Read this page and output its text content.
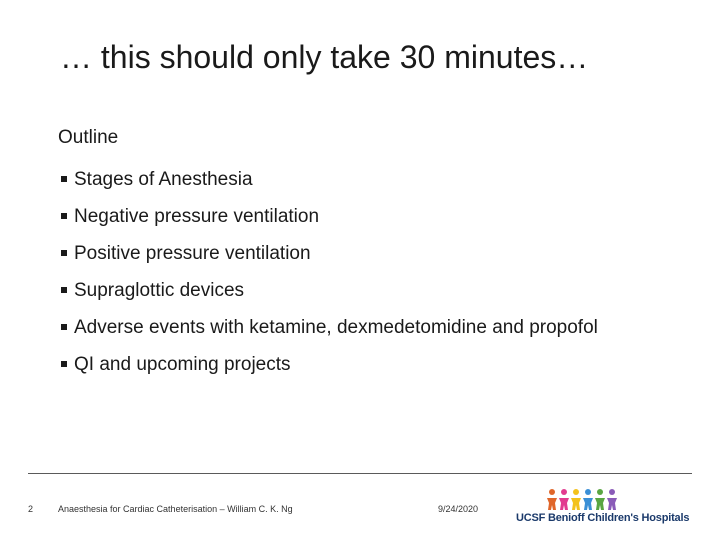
… this should only take 30 minutes…
Outline
Stages of Anesthesia
Negative pressure ventilation
Positive pressure ventilation
Supraglottic devices
Adverse events with ketamine, dexmedetomidine and propofol
QI and upcoming projects
2	Anaesthesia for Cardiac Catheterisation – William C. K. Ng	9/24/2020
UCSF Benioff Children's Hospitals
